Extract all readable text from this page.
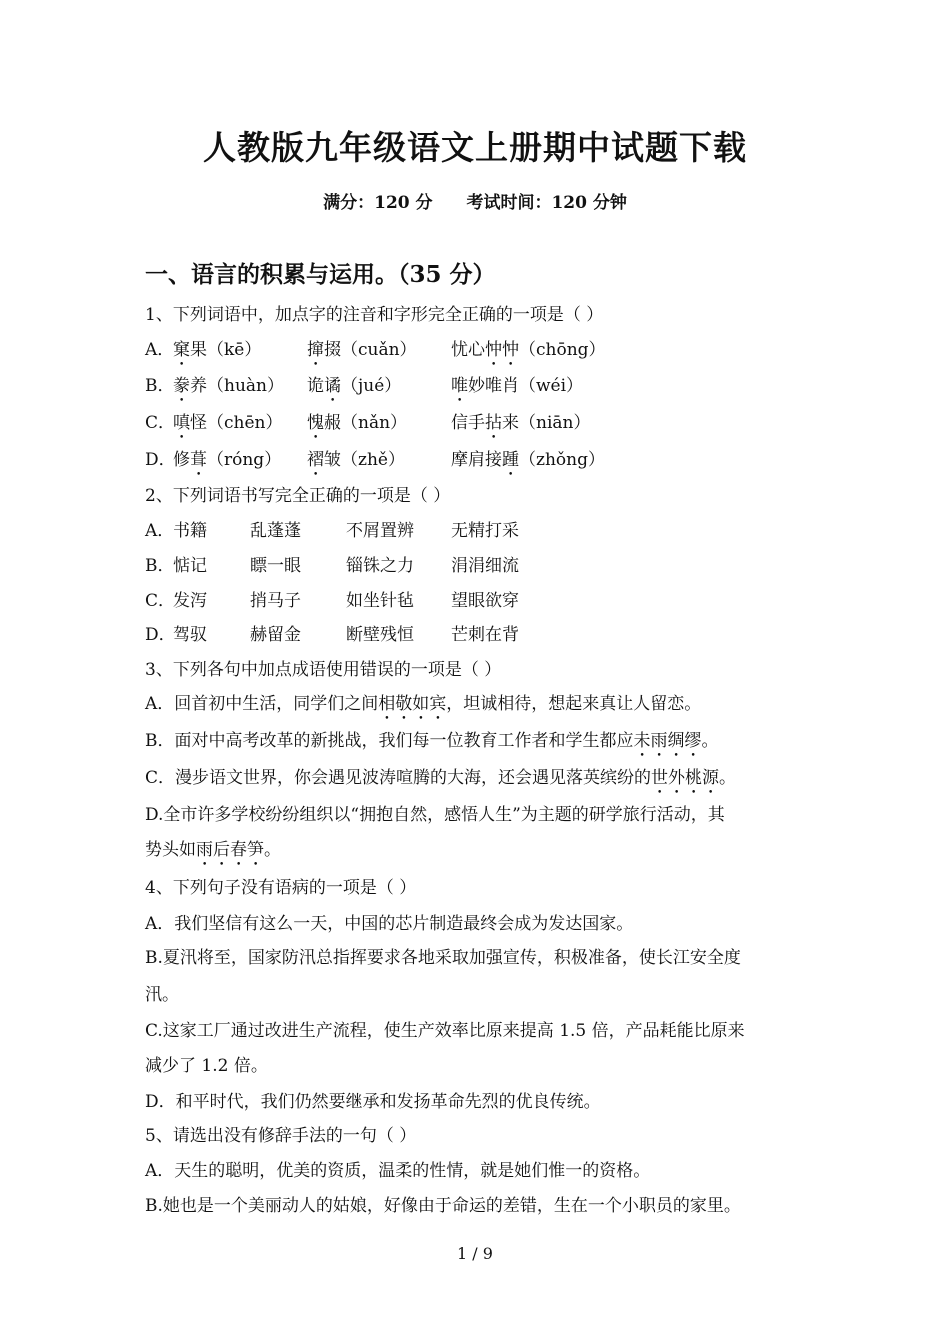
人教版九年级语文上册期中试题下载
满分：120 分 考试时间：120 分钟
一、语言的积累与运用。（35 分）
1、下列词语中，加点字的注音和字形完全正确的一项是（ ）
A．
窠果（kē）	撺掇（cuǎn） 忧心忡忡（chōng）
B．
豢养（huàn） 诡谲（jué）	唯妙唯肖（wéi）
C．
嗔怪（chēn） 愧赧（nǎn）	信手拈来（niān）
D．
修葺（róng） 褶皱（zhě）	摩肩接踵（zhǒng）
2、下列词语书写完全正确的一项是（ ）
A．
书籍	乱蓬蓬	不屑置辨 无精打采
B．
惦记	瞟一眼	锱铢之力 涓涓细流
C．
发泻	捎马子	如坐针毡 望眼欲穿
D．
驾驭	赫留金	断壁残恒 芒刺在背
3、下列各句中加点成语使用错误的一项是（ ）
A．回首初中生活，同学们之间相敬如宾，坦诚相待，想起来真让人留恋。
B．面对中高考改革的新挑战，我们每一位教育工作者和学生都应未雨绸缪。
C．漫步语文世界，你会遇见波涛喧腾的大海，还会遇见落英缤纷的世外桃源。
D.全市许多学校纷纷组织以“拥抱自然，感悟人生”为主题的研学旅行活动，其
势头如雨后春笋。
4、下列句子没有语病的一项是（ ）
A．我们坚信有这么一天，中国的芯片制造最终会成为发达国家。
B.夏汛将至，国家防汛总指挥要求各地采取加强宣传，积极准备，使长江安全度
汛。
C.这家工厂通过改进生产流程，使生产效率比原来提高 1.5 倍，产品耗能比原来
减少了 1.2 倍。
D．和平时代，我们仍然要继承和发扬革命先烈的优良传统。
5、请选出没有修辞手法的一句（ ）
A．天生的聪明，优美的资质，温柔的性情，就是她们惟一的资格。
B.她也是一个美丽动人的姑娘，好像由于命运的差错，生在一个小职员的家里。
1 / 9
